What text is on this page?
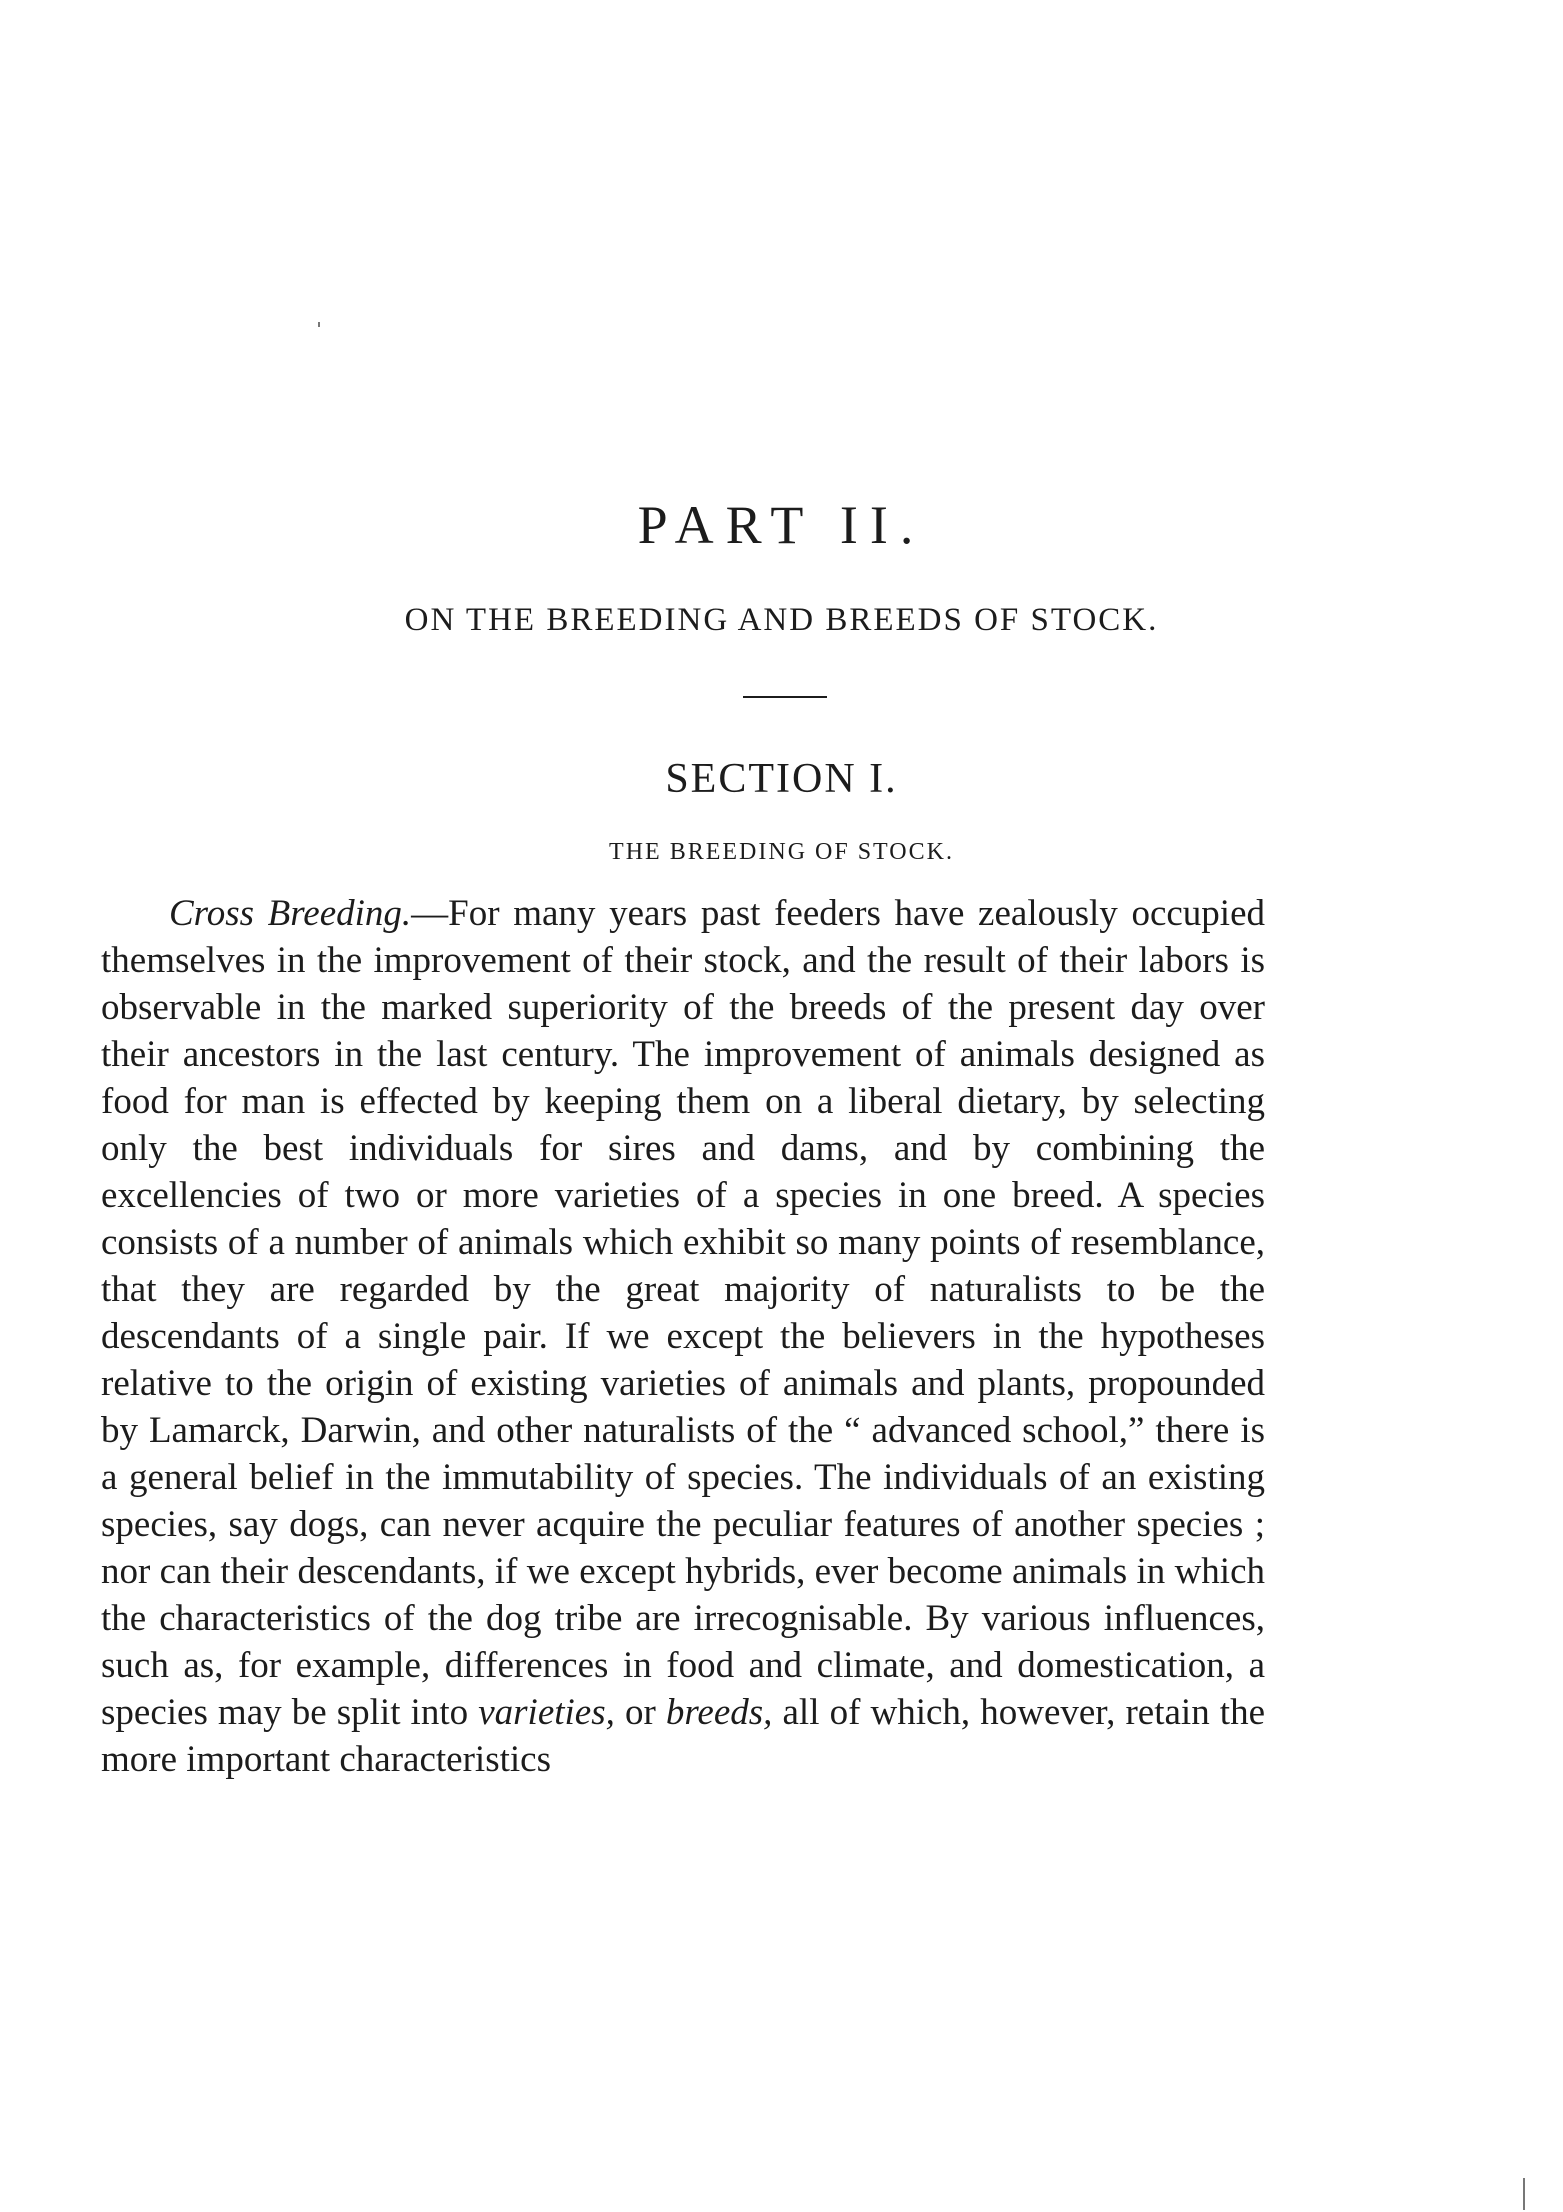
PART II.
ON THE BREEDING AND BREEDS OF STOCK.
SECTION I.
THE BREEDING OF STOCK.

Cross Breeding.—For many years past feeders have zealously occupied themselves in the improvement of their stock, and the result of their labors is observable in the marked superiority of the breeds of the present day over their ancestors in the last century. The improvement of animals designed as food for man is effected by keeping them on a liberal dietary, by selecting only the best individuals for sires and dams, and by combining the excellencies of two or more varieties of a species in one breed. A species consists of a number of animals which exhibit so many points of resemblance, that they are regarded by the great majority of naturalists to be the descendants of a single pair. If we except the believers in the hypotheses relative to the origin of existing varieties of animals and plants, propounded by Lamarck, Darwin, and other naturalists of the “ advanced school,” there is a general belief in the immutability of species. The individuals of an existing species, say dogs, can never acquire the peculiar features of another species ; nor can their descendants, if we except hybrids, ever become animals in which the characteristics of the dog tribe are irrecognisable. By various influences, such as, for example, differences in food and climate, and domestication, a species may be split into varieties, or breeds, all of which, however, retain the more important characteristics
